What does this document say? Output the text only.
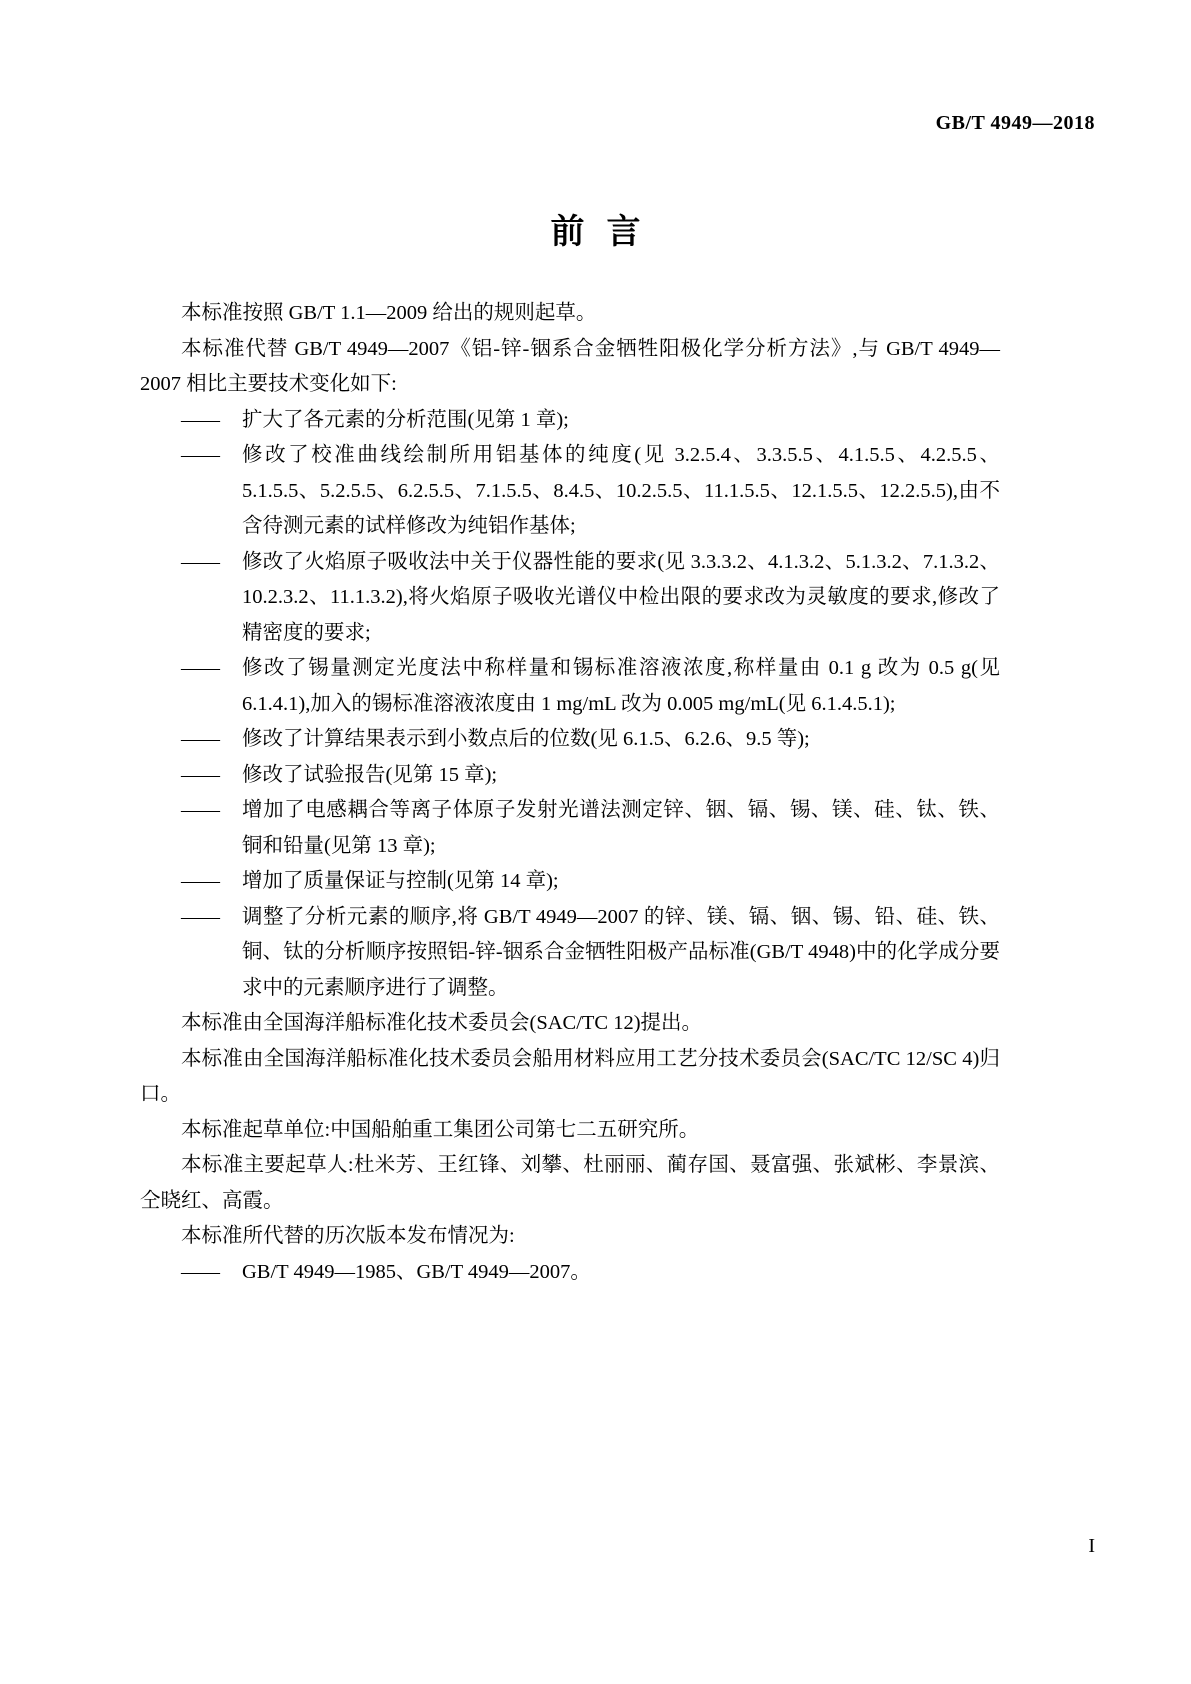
GB/T 4949—2018
前言

本标准按照 GB/T 1.1—2009 给出的规则起草。

本标准代替 GB/T 4949—2007《铝-锌-铟系合金牺牲阳极化学分析方法》,与 GB/T 4949—2007 相比主要技术变化如下:

——	扩大了各元素的分析范围(见第 1 章);
——	修改了校准曲线绘制所用铝基体的纯度(见 3.2.5.4、3.3.5.5、4.1.5.5、4.2.5.5、5.1.5.5、5.2.5.5、6.2.5.5、7.1.5.5、8.4.5、10.2.5.5、11.1.5.5、12.1.5.5、12.2.5.5),由不含待测元素的试样修改为纯铝作基体;
——	修改了火焰原子吸收法中关于仪器性能的要求(见 3.3.3.2、4.1.3.2、5.1.3.2、7.1.3.2、10.2.3.2、11.1.3.2),将火焰原子吸收光谱仪中检出限的要求改为灵敏度的要求,修改了精密度的要求;
——	修改了锡量测定光度法中称样量和锡标准溶液浓度,称样量由 0.1 g 改为 0.5 g(见 6.1.4.1),加入的锡标准溶液浓度由 1 mg/mL 改为 0.005 mg/mL(见 6.1.4.5.1);
——	修改了计算结果表示到小数点后的位数(见 6.1.5、6.2.6、9.5 等);
——	修改了试验报告(见第 15 章);
——	增加了电感耦合等离子体原子发射光谱法测定锌、铟、镉、锡、镁、硅、钛、铁、铜和铅量(见第 13 章);
——	增加了质量保证与控制(见第 14 章);
——	调整了分析元素的顺序,将 GB/T 4949—2007 的锌、镁、镉、铟、锡、铅、硅、铁、铜、钛的分析顺序按照铝-锌-铟系合金牺牲阳极产品标准(GB/T 4948)中的化学成分要求中的元素顺序进行了调整。

本标准由全国海洋船标准化技术委员会(SAC/TC 12)提出。

本标准由全国海洋船标准化技术委员会船用材料应用工艺分技术委员会(SAC/TC 12/SC 4)归口。

本标准起草单位:中国船舶重工集团公司第七二五研究所。

本标准主要起草人:杜米芳、王红锋、刘攀、杜丽丽、蔺存国、聂富强、张斌彬、李景滨、仝晓红、高霞。

本标准所代替的历次版本发布情况为:

——	GB/T 4949—1985、GB/T 4949—2007。
I
